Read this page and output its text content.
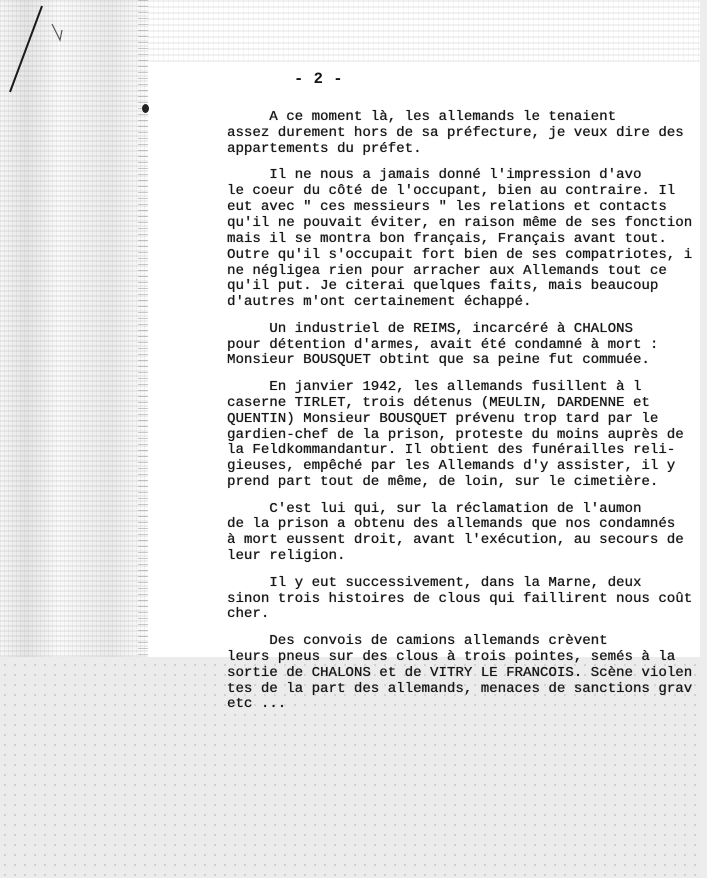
- 2 -
A ce moment là, les allemands le tenaient
assez durement hors de sa préfecture, je veux dire des
appartements du préfet.
Il ne nous a jamais donné l'impression d'avo
le coeur du côté de l'occupant, bien au contraire. Il
eut avec " ces messieurs " les relations et contacts
qu'il ne pouvait éviter, en raison même de ses fonction
mais il se montra bon français, Français avant tout.
Outre qu'il s'occupait fort bien de ses compatriotes, i
ne négligea rien pour arracher aux Allemands tout ce
qu'il put. Je citerai quelques faits, mais beaucoup
d'autres m'ont certainement échappé.
Un industriel de REIMS, incarcéré à CHALONS
pour détention d'armes, avait été condamné à mort :
Monsieur BOUSQUET obtint que sa peine fut commuée.
En janvier 1942, les allemands fusillent à l
caserne TIRLET, trois détenus (MEULIN, DARDENNE et
QUENTIN) Monsieur BOUSQUET prévenu trop tard par le
gardien-chef de la prison, proteste du moins auprès de
la Feldkommandantur. Il obtient des funérailles reli-
gieuses, empêché par les Allemands d'y assister, il y
prend part tout de même, de loin, sur le cimetière.
C'est lui qui, sur la réclamation de l'aumon
de la prison a obtenu des allemands que nos condamnés
à mort eussent droit, avant l'exécution, au secours de
leur religion.
Il y eut successivement, dans la Marne, deux
sinon trois histoires de clous qui faillirent nous coût
cher.
Des convois de camions allemands crèvent
leurs pneus sur des clous à trois pointes, semés à la
sortie de CHALONS et de VITRY LE FRANCOIS. Scène violen
tes de la part des allemands, menaces de sanctions grav
etc ...
